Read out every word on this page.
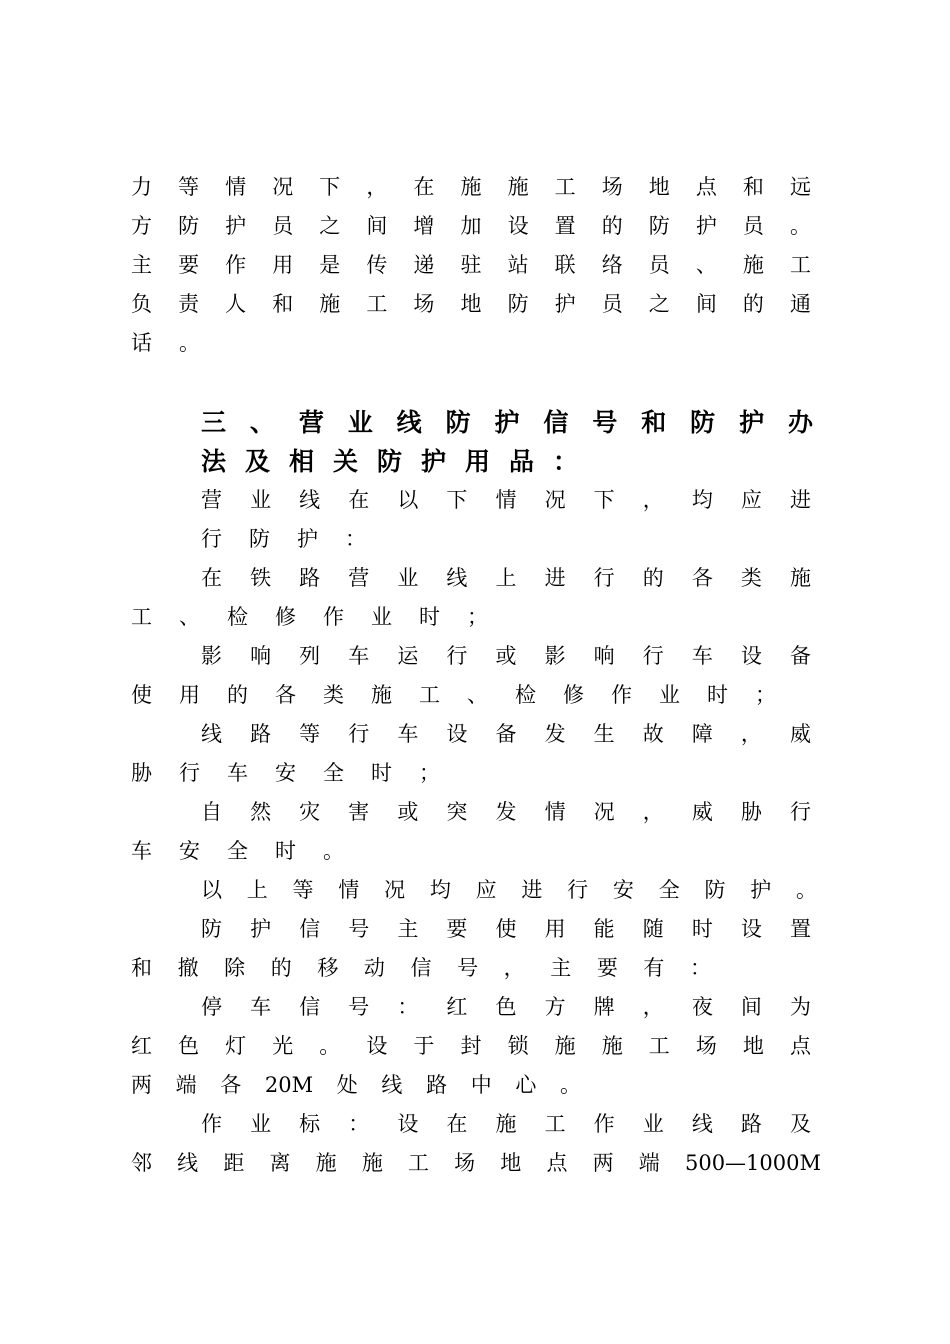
力等情况下，在施施工场地点和远
方防护员之间增加设置的防护员。
主要作用是传递驻站联络员、施工
负责人和施工场地防护员之间的通
话。
三、营业线防护信号和防护办
法及相关防护用品：
营业线在以下情况下，均应进
行防护：
在铁路营业线上进行的各类施
工、检修作业时；
影响列车运行或影响行车设备
使用的各类施工、检修作业时；
线路等行车设备发生故障，威
胁行车安全时；
自然灾害或突发情况，威胁行
车安全时。
以上等情况均应进行安全防护。
防护信号主要使用能随时设置
和撤除的移动信号，主要有：
停车信号：红色方牌，夜间为
红色灯光。设于封锁施施工场地点
两端各20M处线路中心。
作业标：设在施工作业线路及
邻线距离施施工场地点两端500—1000M
